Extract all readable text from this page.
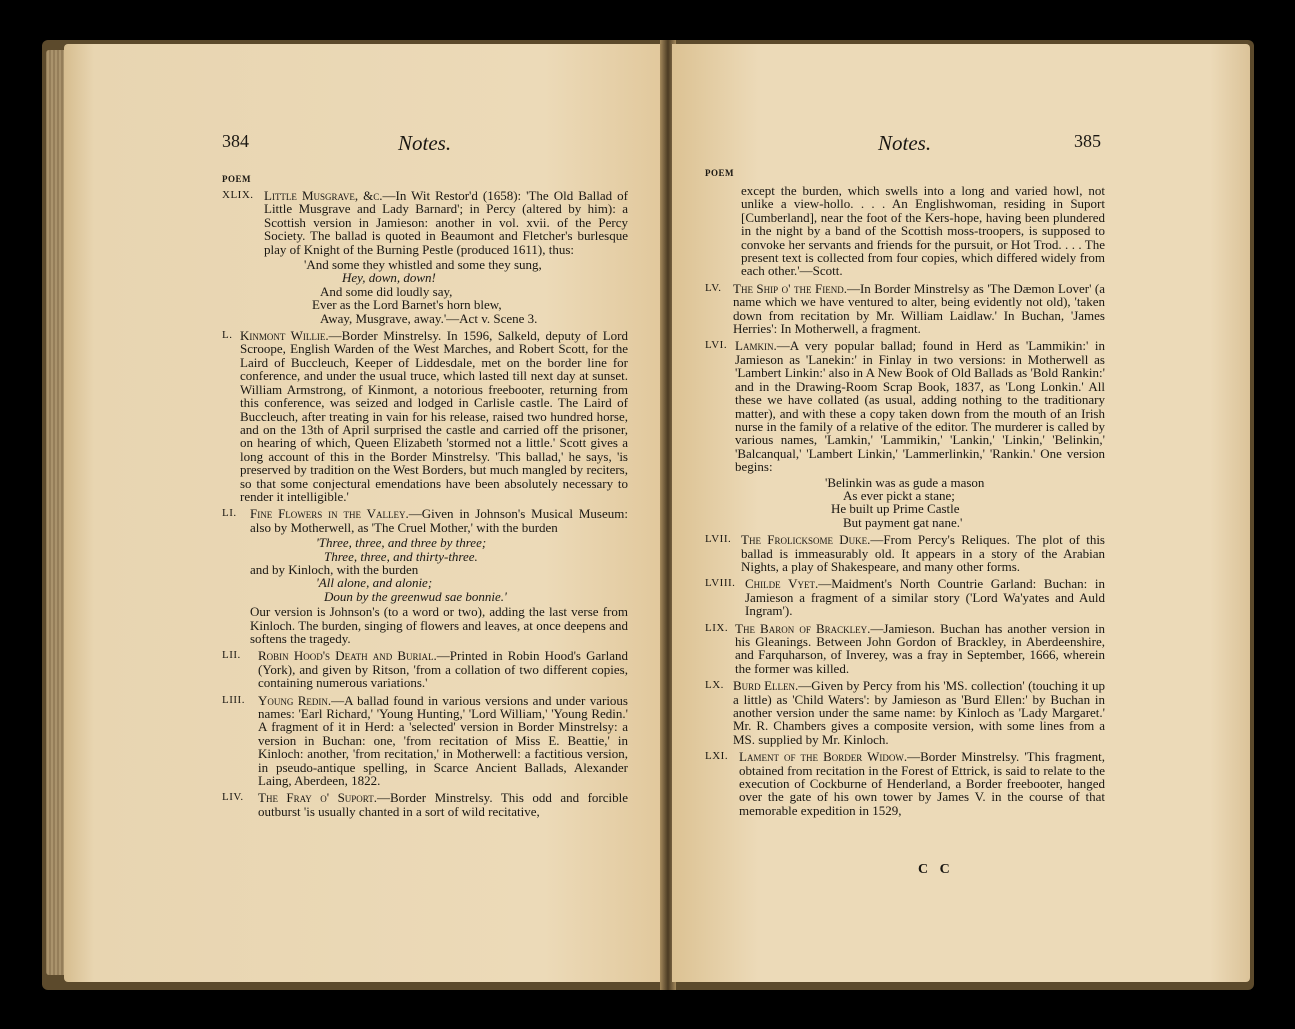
384	Notes.
POEM
XLIX. Little Musgrave, &c.—In Wit Restor'd (1658): 'The Old Ballad of Little Musgrave and Lady Barnard'; in Percy (altered by him): a Scottish version in Jamieson: another in vol. xvii. of the Percy Society. The ballad is quoted in Beaumont and Fletcher's burlesque play of Knight of the Burning Pestle (produced 1611), thus:
'And some they whistled and some they sung,
Hey, down, down!
And some did loudly say,
Ever as the Lord Barnet's horn blew,
Away, Musgrave, away.'—Act v. Scene 3.
L. Kinmont Willie.—Border Minstrelsy. In 1596, Salkeld, deputy of Lord Scroope, English Warden of the West Marches, and Robert Scott, for the Laird of Buccleuch, Keeper of Liddesdale, met on the border line for conference, and under the usual truce, which lasted till next day at sunset. William Armstrong, of Kinmont, a notorious freebooter, returning from this conference, was seized and lodged in Carlisle castle. The Laird of Buccleuch, after treating in vain for his release, raised two hundred horse, and on the 13th of April surprised the castle and carried off the prisoner, on hearing of which, Queen Elizabeth 'stormed not a little.' Scott gives a long account of this in the Border Minstrelsy. 'This ballad,' he says, 'is preserved by tradition on the West Borders, but much mangled by reciters, so that some conjectural emendations have been absolutely necessary to render it intelligible.'
LI. Fine Flowers in the Valley.—Given in Johnson's Musical Museum: also by Motherwell, as 'The Cruel Mother,' with the burden
'Three, three, and three by three;
Three, three, and thirty-three.
and by Kinloch, with the burden
'All alone, and alonie;
Doun by the greenwud sae bonnie.'
Our version is Johnson's (to a word or two), adding the last verse from Kinloch. The burden, singing of flowers and leaves, at once deepens and softens the tragedy.
LII. Robin Hood's Death and Burial.—Printed in Robin Hood's Garland (York), and given by Ritson, 'from a collation of two different copies, containing numerous variations.'
LIII. Young Redin.—A ballad found in various versions and under various names: 'Earl Richard,' 'Young Hunting,' 'Lord William,' 'Young Redin.' A fragment of it in Herd: a 'selected' version in Border Minstrelsy: a version in Buchan: one, 'from recitation of Miss E. Beattie,' in Kinloch: another, 'from recitation,' in Motherwell: a factitious version, in pseudo-antique spelling, in Scarce Ancient Ballads, Alexander Laing, Aberdeen, 1822.
LIV. The Fray o' Suport.—Border Minstrelsy. This odd and forcible outburst 'is usually chanted in a sort of wild recitative,
Notes.	385
POEM
except the burden, which swells into a long and varied howl, not unlike a view-hollo. . . . An Englishwoman, residing in Suport [Cumberland], near the foot of the Kers-hope, having been plundered in the night by a band of the Scottish moss-troopers, is supposed to convoke her servants and friends for the pursuit, or Hot Trod. . . . The present text is collected from four copies, which differed widely from each other.'—Scott.
LV. The Ship o' the Fiend.—In Border Minstrelsy as 'The Dæmon Lover' (a name which we have ventured to alter, being evidently not old), 'taken down from recitation by Mr. William Laidlaw.' In Buchan, 'James Herries': In Motherwell, a fragment.
LVI. Lamkin.—A very popular ballad; found in Herd as 'Lammikin:' in Jamieson as 'Lanekin:' in Finlay in two versions: in Motherwell as 'Lambert Linkin:' also in A New Book of Old Ballads as 'Bold Rankin:' and in the Drawing-Room Scrap Book, 1837, as 'Long Lonkin.' All these we have collated (as usual, adding nothing to the traditionary matter), and with these a copy taken down from the mouth of an Irish nurse in the family of a relative of the editor. The murderer is called by various names, 'Lamkin,' 'Lammikin,' 'Lankin,' 'Linkin,' 'Belinkin,' 'Balcanqual,' 'Lambert Linkin,' 'Lammerlinkin,' 'Rankin.' One version begins:
'Belinkin was as gude a mason
As ever pickt a stane;
He built up Prime Castle
But payment gat nane.'
LVII. The Frolicksome Duke.—From Percy's Reliques. The plot of this ballad is immeasurably old. It appears in a story of the Arabian Nights, a play of Shakespeare, and many other forms.
LVIII. Childe Vyet.—Maidment's North Countrie Garland: Buchan: in Jamieson a fragment of a similar story ('Lord Wa'yates and Auld Ingram').
LIX. The Baron of Brackley.—Jamieson. Buchan has another version in his Gleanings. Between John Gordon of Brackley, in Aberdeenshire, and Farquharson, of Inverey, was a fray in September, 1666, wherein the former was killed.
LX. Burd Ellen.—Given by Percy from his 'MS. collection' (touching it up a little) as 'Child Waters': by Jamieson as 'Burd Ellen:' by Buchan in another version under the same name: by Kinloch as 'Lady Margaret.' Mr. R. Chambers gives a composite version, with some lines from a MS. supplied by Mr. Kinloch.
LXI. Lament of the Border Widow.—Border Minstrelsy. 'This fragment, obtained from recitation in the Forest of Ettrick, is said to relate to the execution of Cockburne of Henderland, a Border freebooter, hanged over the gate of his own tower by James V. in the course of that memorable expedition in 1529,
C C
